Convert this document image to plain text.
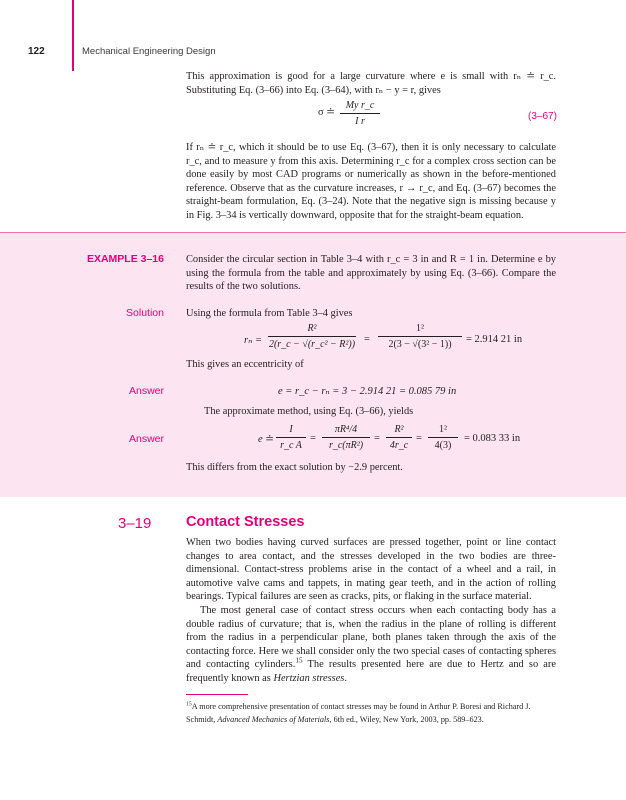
122	Mechanical Engineering Design

This approximation is good for a large curvature where e is small with rₙ ≐ r_c. Substituting Eq. (3–66) into Eq. (3–64), with rₙ − y = r, gives

σ ≐
My r_c
I r	(3–67)

If rₙ ≐ r_c, which it should be to use Eq. (3–67), then it is only necessary to calculate r_c, and to measure y from this axis. Determining r_c for a complex cross section can be done easily by most CAD programs or numerically as shown in the before-mentioned reference. Observe that as the curvature increases, r → r_c, and Eq. (3–67) becomes the straight-beam formulation, Eq. (3–24). Note that the negative sign is missing because y in Fig. 3–34 is vertically downward, opposite that for the straight-beam equation.

EXAMPLE 3–16 Consider the circular section in Table 3–4 with r_c = 3 in and R = 1 in. Determine e by using the formula from the table and approximately by using Eq. (3–66). Compare the results of the two solutions.

Solution Using the formula from Table 3–4 gives

rₙ =
R²
2(r_c − √(r_c² − R²)) =
1²
2(3 − √(3² − 1))	= 2.914 21 in

This gives an eccentricity of

Answer	e = r_c − rₙ = 3 − 2.914 21 = 0.085 79 in

The approximate method, using Eq. (3–66), yields

Answer	e ≐
I
r_c A
=
πR⁴/4
r_c(πR²)
=
R²
4r_c
=
1²
4(3)
= 0.083 33 in

This differs from the exact solution by −2.9 percent.

3–19 Contact Stresses

When two bodies having curved surfaces are pressed together, point or line contact changes to area contact, and the stresses developed in the two bodies are three-dimensional. Contact-stress problems arise in the contact of a wheel and a rail, in automotive valve cams and tappets, in mating gear teeth, and in the action of rolling bearings. Typical failures are seen as cracks, pits, or flaking in the surface material.

The most general case of contact stress occurs when each contacting body has a double radius of curvature; that is, when the radius in the plane of rolling is different from the radius in a perpendicular plane, both planes taken through the axis of the contacting force. Here we shall consider only the two special cases of contacting spheres and contacting cylinders.$^{15}$ The results presented here are due to Hertz and so are frequently known as Hertzian stresses.

$^{15}$A more comprehensive presentation of contact stresses may be found in Arthur P. Boresi and Richard J. Schmidt, Advanced Mechanics of Materials, 6th ed., Wiley, New York, 2003, pp. 589–623.
